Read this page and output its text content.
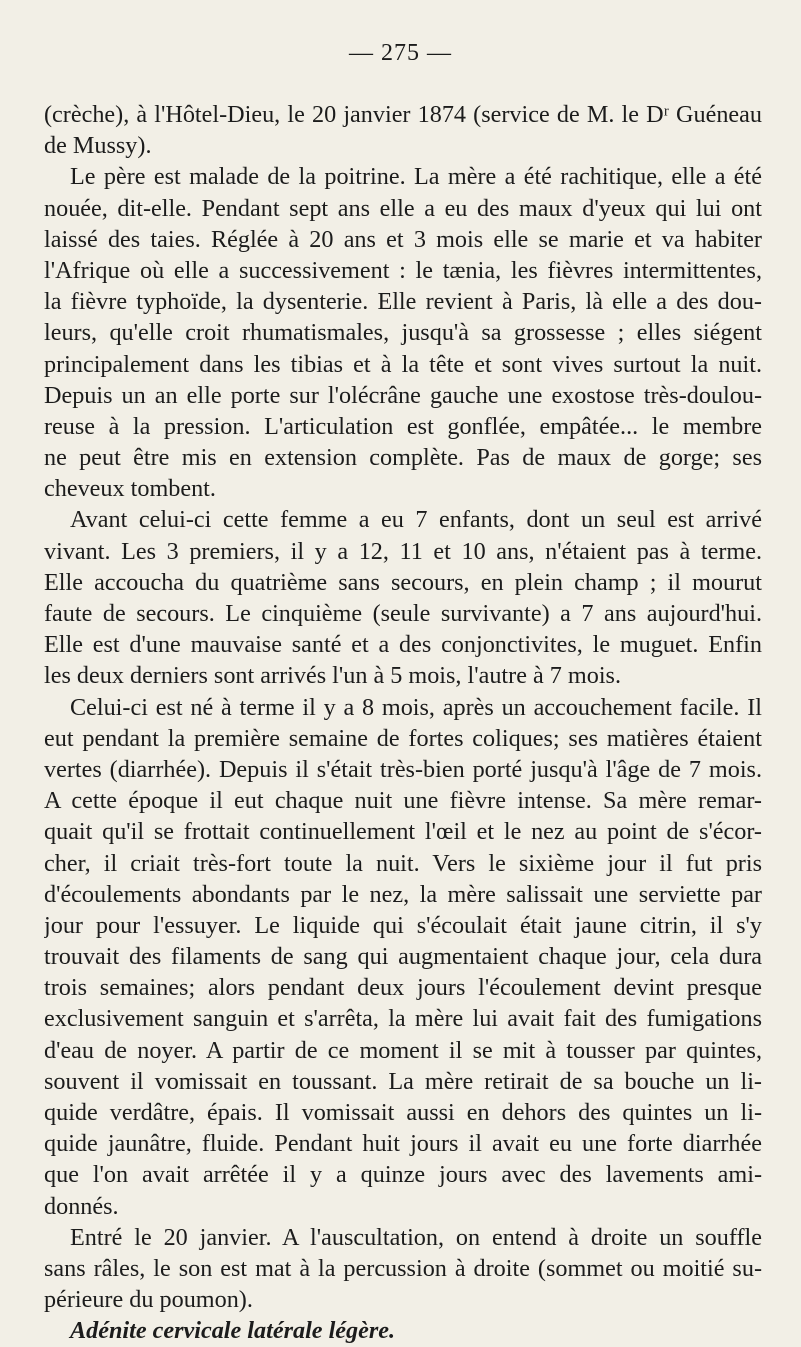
— 275 —
(crèche), à l'Hôtel-Dieu, le 20 janvier 1874 (service de M. le Dʳ Guéneau
de Mussy).
Le père est malade de la poitrine. La mère a été rachitique, elle a été
nouée, dit-elle. Pendant sept ans elle a eu des maux d'yeux qui lui ont
laissé des taies. Réglée à 20 ans et 3 mois elle se marie et va habiter
l'Afrique où elle a successivement : le tænia, les fièvres intermittentes,
la fièvre typhoïde, la dysenterie. Elle revient à Paris, là elle a des dou-
leurs, qu'elle croit rhumatismales, jusqu'à sa grossesse ; elles siégent
principalement dans les tibias et à la tête et sont vives surtout la nuit.
Depuis un an elle porte sur l'olécrâne gauche une exostose très-doulou-
reuse à la pression. L'articulation est gonflée, empâtée... le membre
ne peut être mis en extension complète. Pas de maux de gorge; ses
cheveux tombent.
Avant celui-ci cette femme a eu 7 enfants, dont un seul est arrivé
vivant. Les 3 premiers, il y a 12, 11 et 10 ans, n'étaient pas à terme.
Elle accoucha du quatrième sans secours, en plein champ ; il mourut
faute de secours. Le cinquième (seule survivante) a 7 ans aujourd'hui.
Elle est d'une mauvaise santé et a des conjonctivites, le muguet. Enfin
les deux derniers sont arrivés l'un à 5 mois, l'autre à 7 mois.
Celui-ci est né à terme il y a 8 mois, après un accouchement facile. Il
eut pendant la première semaine de fortes coliques; ses matières étaient
vertes (diarrhée). Depuis il s'était très-bien porté jusqu'à l'âge de 7 mois.
A cette époque il eut chaque nuit une fièvre intense. Sa mère remar-
quait qu'il se frottait continuellement l'œil et le nez au point de s'écor-
cher, il criait très-fort toute la nuit. Vers le sixième jour il fut pris
d'écoulements abondants par le nez, la mère salissait une serviette par
jour pour l'essuyer. Le liquide qui s'écoulait était jaune citrin, il s'y
trouvait des filaments de sang qui augmentaient chaque jour, cela dura
trois semaines; alors pendant deux jours l'écoulement devint presque
exclusivement sanguin et s'arrêta, la mère lui avait fait des fumigations
d'eau de noyer. A partir de ce moment il se mit à tousser par quintes,
souvent il vomissait en toussant. La mère retirait de sa bouche un li-
quide verdâtre, épais. Il vomissait aussi en dehors des quintes un li-
quide jaunâtre, fluide. Pendant huit jours il avait eu une forte diarrhée
que l'on avait arrêtée il y a quinze jours avec des lavements ami-
donnés.
Entré le 20 janvier. A l'auscultation, on entend à droite un souffle
sans râles, le son est mat à la percussion à droite (sommet ou moitié su-
périeure du poumon).
Adénite cervicale latérale légère.
